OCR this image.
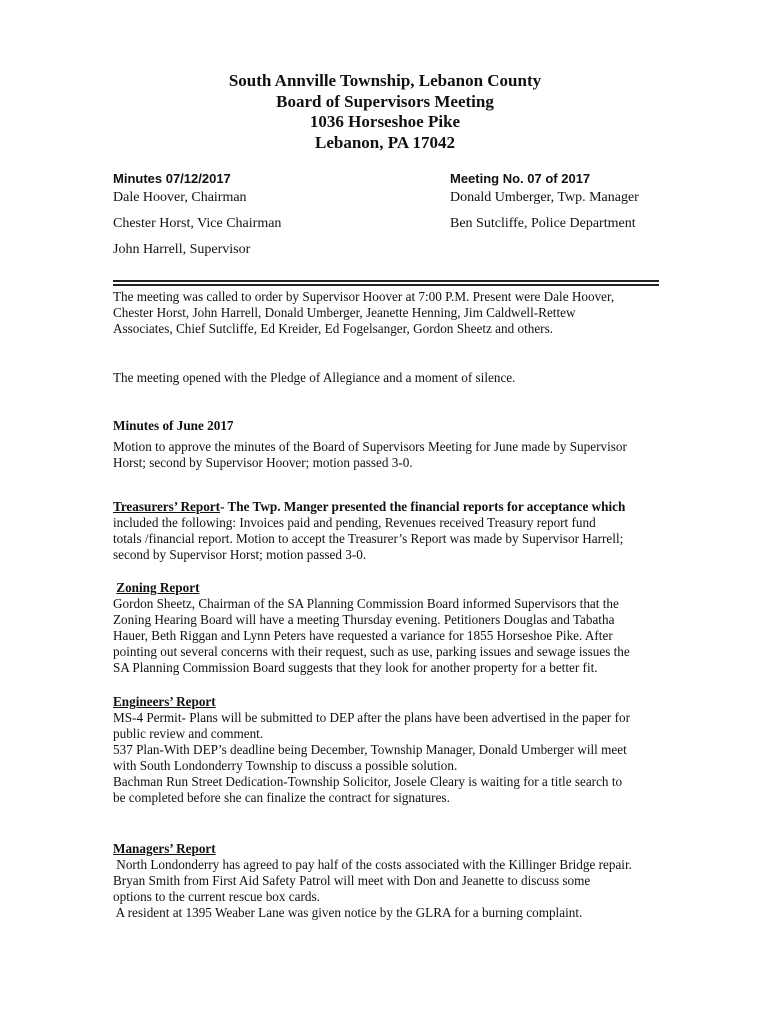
South Annville Township, Lebanon County
Board of Supervisors Meeting
1036 Horseshoe Pike
Lebanon, PA 17042
Minutes 07/12/2017	Meeting No. 07 of 2017
Dale Hoover, Chairman
Chester Horst, Vice Chairman
John Harrell, Supervisor
Donald Umberger, Twp. Manager
Ben Sutcliffe, Police Department
The meeting was called to order by Supervisor Hoover at 7:00 P.M. Present were Dale Hoover,
Chester Horst, John Harrell, Donald Umberger, Jeanette Henning, Jim Caldwell-Rettew
Associates, Chief Sutcliffe, Ed Kreider, Ed Fogelsanger, Gordon Sheetz and others.
The meeting opened with the Pledge of Allegiance and a moment of silence.
Minutes of June 2017
Motion to approve the minutes of the Board of Supervisors Meeting for June made by Supervisor
Horst; second by Supervisor Hoover; motion passed 3-0.
Treasurers’ Report- The Twp. Manger presented the financial reports for acceptance which
included the following: Invoices paid and pending, Revenues received Treasury report fund
totals /financial report. Motion to accept the Treasurer’s Report was made by Supervisor Harrell;
second by Supervisor Horst; motion passed 3-0.
Zoning Report
Gordon Sheetz, Chairman of the SA Planning Commission Board informed Supervisors that the
Zoning Hearing Board will have a meeting Thursday evening. Petitioners Douglas and Tabatha
Hauer, Beth Riggan and Lynn Peters have requested a variance for 1855 Horseshoe Pike. After
pointing out several concerns with their request, such as use, parking issues and sewage issues the
SA Planning Commission Board suggests that they look for another property for a better fit.
Engineers’ Report
MS-4 Permit- Plans will be submitted to DEP after the plans have been advertised in the paper for
public review and comment.
537 Plan-With DEP’s deadline being December, Township Manager, Donald Umberger will meet
with South Londonderry Township to discuss a possible solution.
Bachman Run Street Dedication-Township Solicitor, Josele Cleary is waiting for a title search to
be completed before she can finalize the contract for signatures.
Managers’ Report
North Londonderry has agreed to pay half of the costs associated with the Killinger Bridge repair.
Bryan Smith from First Aid Safety Patrol will meet with Don and Jeanette to discuss some
options to the current rescue box cards.
A resident at 1395 Weaber Lane was given notice by the GLRA for a burning complaint.
